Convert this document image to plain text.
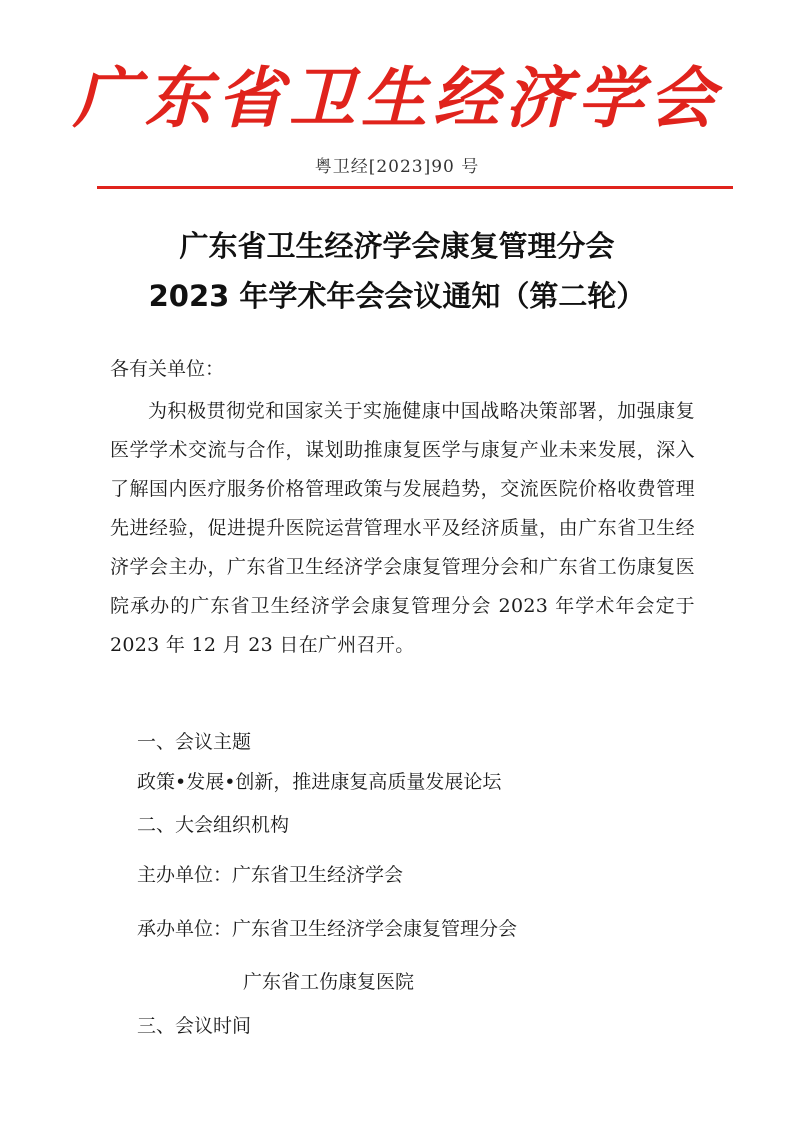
广东省卫生经济学会
粤卫经[2023]90 号
广东省卫生经济学会康复管理分会
2023 年学术年会会议通知（第二轮）
各有关单位：
为积极贯彻党和国家关于实施健康中国战略决策部署，加强康复医学学术交流与合作，谋划助推康复医学与康复产业未来发展，深入了解国内医疗服务价格管理政策与发展趋势，交流医院价格收费管理先进经验，促进提升医院运营管理水平及经济质量，由广东省卫生经济学会主办，广东省卫生经济学会康复管理分会和广东省工伤康复医院承办的广东省卫生经济学会康复管理分会 2023 年学术年会定于 2023 年 12 月 23 日在广州召开。
一、会议主题
政策•发展•创新，推进康复高质量发展论坛
二、大会组织机构
主办单位：广东省卫生经济学会
承办单位：广东省卫生经济学会康复管理分会
广东省工伤康复医院
三、会议时间
